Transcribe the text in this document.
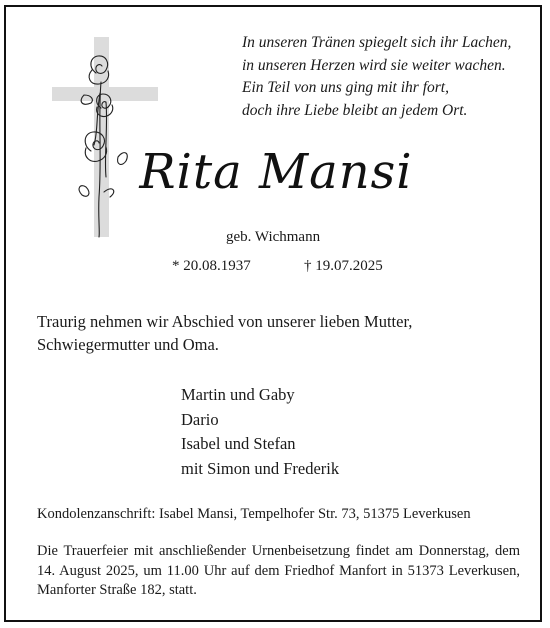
In unseren Tränen spiegelt sich ihr Lachen,
in unseren Herzen wird sie weiter wachen.
Ein Teil von uns ging mit ihr fort,
doch ihre Liebe bleibt an jedem Ort.
Rita Mansi
geb. Wichmann
* 20.08.1937	† 19.07.2025
Traurig nehmen wir Abschied von unserer lieben Mutter,
Schwiegermutter und Oma.
Martin und Gaby
Dario
Isabel und Stefan
mit Simon und Frederik
Kondolenzanschrift: Isabel Mansi, Tempelhofer Str. 73, 51375 Leverkusen
Die Trauerfeier mit anschließender Urnenbeisetzung findet am Donnerstag, dem 14. August 2025, um 11.00 Uhr auf dem Friedhof Manfort in 51373 Leverkusen, Manforter Straße 182, statt.
